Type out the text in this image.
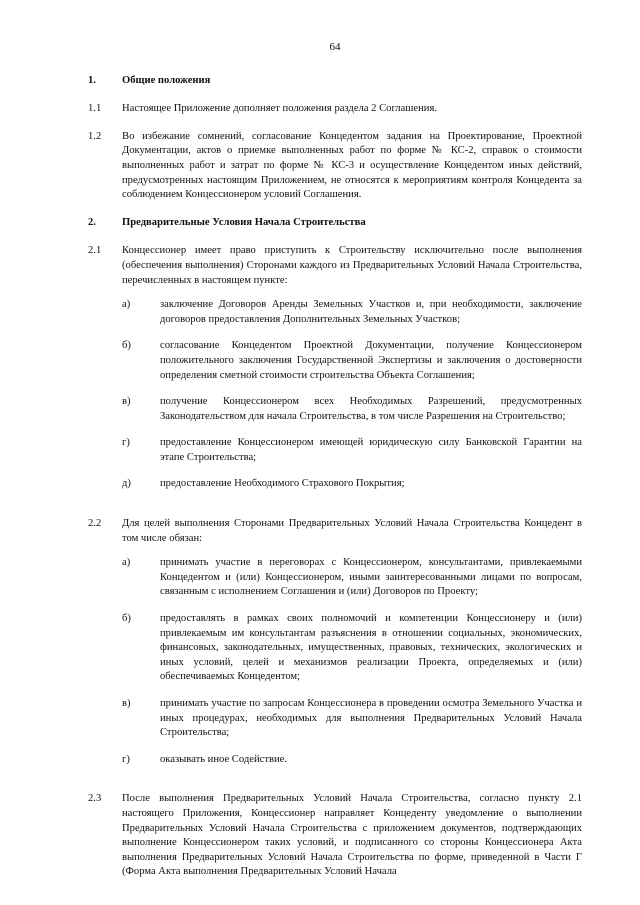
64
1.	Общие положения
1.1	Настоящее Приложение дополняет положения раздела 2 Соглашения.
1.2	Во избежание сомнений, согласование Концедентом задания на Проектирование, Проектной Документации, актов о приемке выполненных работ по форме № КС-2, справок о стоимости выполненных работ и затрат по форме № КС-3 и осуществление Концедентом иных действий, предусмотренных настоящим Приложением, не относятся к мероприятиям контроля Концедента за соблюдением Концессионером условий Соглашения.
2.	Предварительные Условия Начала Строительства
2.1	Концессионер имеет право приступить к Строительству исключительно после выполнения (обеспечения выполнения) Сторонами каждого из Предварительных Условий Начала Строительства, перечисленных в настоящем пункте:
а)	заключение Договоров Аренды Земельных Участков и, при необходимости, заключение договоров предоставления Дополнительных Земельных Участков;
б)	согласование Концедентом Проектной Документации, получение Концессионером положительного заключения Государственной Экспертизы и заключения о достоверности определения сметной стоимости строительства Объекта Соглашения;
в)	получение Концессионером всех Необходимых Разрешений, предусмотренных Законодательством для начала Строительства, в том числе Разрешения на Строительство;
г)	предоставление Концессионером имеющей юридическую силу Банковской Гарантии на этапе Строительства;
д)	предоставление Необходимого Страхового Покрытия;
2.2	Для целей выполнения Сторонами Предварительных Условий Начала Строительства Концедент в том числе обязан:
а)	принимать участие в переговорах с Концессионером, консультантами, привлекаемыми Концедентом и (или) Концессионером, иными заинтересованными лицами по вопросам, связанным с исполнением Соглашения и (или) Договоров по Проекту;
б)	предоставлять в рамках своих полномочий и компетенции Концессионеру и (или) привлекаемым им консультантам разъяснения в отношении социальных, экономических, финансовых, законодательных, имущественных, правовых, технических, экологических и иных условий, целей и механизмов реализации Проекта, определяемых и (или) обеспечиваемых Концедентом;
в)	принимать участие по запросам Концессионера в проведении осмотра Земельного Участка и иных процедурах, необходимых для выполнения Предварительных Условий Начала Строительства;
г)	оказывать иное Содействие.
2.3	После выполнения Предварительных Условий Начала Строительства, согласно пункту 2.1 настоящего Приложения, Концессионер направляет Концеденту уведомление о выполнении Предварительных Условий Начала Строительства с приложением документов, подтверждающих выполнение Концессионером таких условий, и подписанного со стороны Концессионера Акта выполнения Предварительных Условий Начала Строительства по форме, приведенной в Части Г (Форма Акта выполнения Предварительных Условий Начала
